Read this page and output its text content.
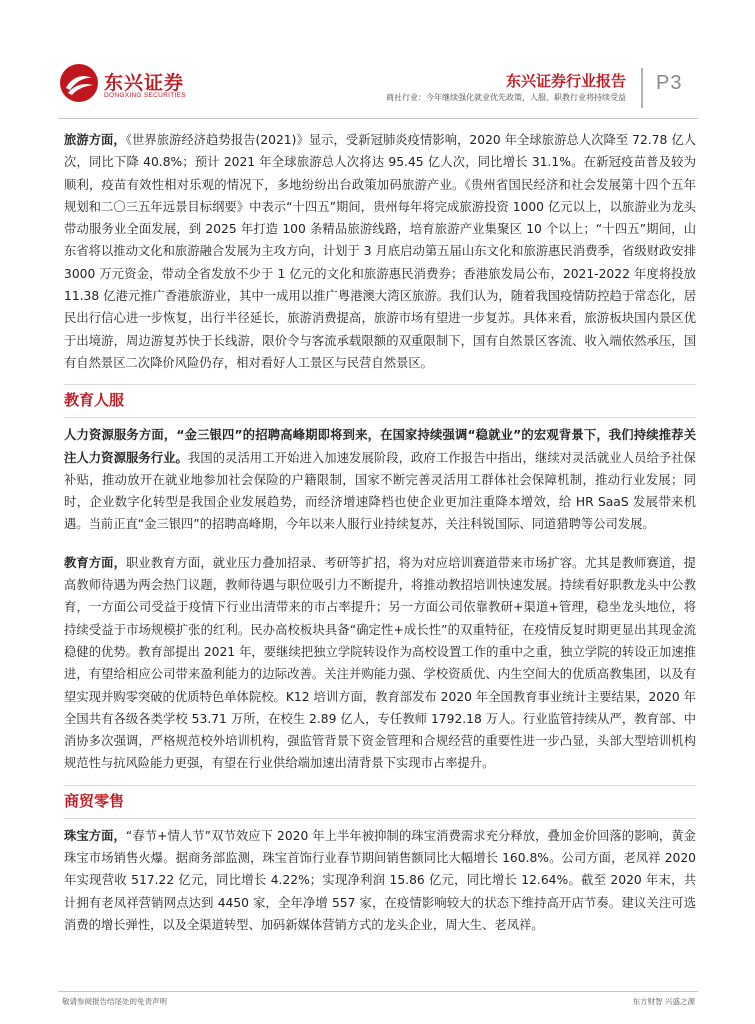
东兴证券
DONGXING SECURITIES
东兴证券行业报告
商社行业：今年继续强化就业优先政策，人服、职教行业将持续受益
P3

旅游方面，《世界旅游经济趋势报告(2021)》显示，受新冠肺炎疫情影响，2020 年全球旅游总人次降至 72.78 亿人次，同比下降 40.8%；预计 2021 年全球旅游总人次将达 95.45 亿人次，同比增长 31.1%。在新冠疫苗普及较为顺利，疫苗有效性相对乐观的情况下，多地纷纷出台政策加码旅游产业。《贵州省国民经济和社会发展第十四个五年规划和二〇三五年远景目标纲要》中表示“十四五”期间，贵州每年将完成旅游投资 1000 亿元以上，以旅游业为龙头带动服务业全面发展，到 2025 年打造 100 条精品旅游线路，培育旅游产业集聚区 10 个以上；“十四五”期间，山东省将以推动文化和旅游融合发展为主攻方向，计划于 3 月底启动第五届山东文化和旅游惠民消费季，省级财政安排 3000 万元资金，带动全省发放不少于 1 亿元的文化和旅游惠民消费券；香港旅发局公布，2021-2022 年度将投放 11.38 亿港元推广香港旅游业，其中一成用以推广粤港澳大湾区旅游。我们认为，随着我国疫情防控趋于常态化，居民出行信心进一步恢复，出行半径延长，旅游消费提高，旅游市场有望进一步复苏。具体来看，旅游板块国内景区优于出境游，周边游复苏快于长线游，限价令与客流承载限额的双重限制下，国有自然景区客流、收入端依然承压，国有自然景区二次降价风险仍存，相对看好人工景区与民营自然景区。

教育人服

人力资源服务方面，“金三银四”的招聘高峰期即将到来，在国家持续强调“稳就业”的宏观背景下，我们持续推荐关注人力资源服务行业。我国的灵活用工开始进入加速发展阶段，政府工作报告中指出，继续对灵活就业人员给予社保补贴，推动放开在就业地参加社会保险的户籍限制，国家不断完善灵活用工群体社会保障机制，推动行业发展；同时，企业数字化转型是我国企业发展趋势，而经济增速降档也使企业更加注重降本增效，给 HR SaaS 发展带来机遇。当前正直“金三银四”的招聘高峰期，今年以来人服行业持续复苏，关注科锐国际、同道猎聘等公司发展。

教育方面，职业教育方面，就业压力叠加招录、考研等扩招，将为对应培训赛道带来市场扩容。尤其是教师赛道，提高教师待遇为两会热门议题，教师待遇与职位吸引力不断提升，将推动教招培训快速发展。持续看好职教龙头中公教育，一方面公司受益于疫情下行业出清带来的市占率提升；另一方面公司依靠教研+渠道+管理，稳坐龙头地位，将持续受益于市场规模扩张的红利。民办高校板块具备“确定性+成长性”的双重特征，在疫情反复时期更显出其现金流稳健的优势。教育部提出 2021 年，要继续把独立学院转设作为高校设置工作的重中之重，独立学院的转设正加速推进，有望给相应公司带来盈利能力的边际改善。关注并购能力强、学校资质优、内生空间大的优质高教集团，以及有望实现并购零突破的优质特色单体院校。K12 培训方面，教育部发布 2020 年全国教育事业统计主要结果，2020 年全国共有各级各类学校 53.71 万所，在校生 2.89 亿人，专任教师 1792.18 万人。行业监管持续从严，教育部、中消协多次强调，严格规范校外培训机构，强监管背景下资金管理和合规经营的重要性进一步凸显，头部大型培训机构规范性与抗风险能力更强，有望在行业供给端加速出清背景下实现市占率提升。

商贸零售

珠宝方面，“春节+情人节”双节效应下 2020 年上半年被抑制的珠宝消费需求充分释放，叠加金价回落的影响，黄金珠宝市场销售火爆。据商务部监测，珠宝首饰行业春节期间销售额同比大幅增长 160.8%。公司方面，老凤祥 2020 年实现营收 517.22 亿元，同比增长 4.22%；实现净利润 15.86 亿元，同比增长 12.64%。截至 2020 年末，共计拥有老凤祥营销网点达到 4450 家，全年净增 557 家，在疫情影响较大的状态下维持高开店节奏。建议关注可选消费的增长弹性，以及全渠道转型、加码新媒体营销方式的龙头企业，周大生、老凤祥。

敬请参阅报告结尾处的免责声明	东方财智 兴盛之源
